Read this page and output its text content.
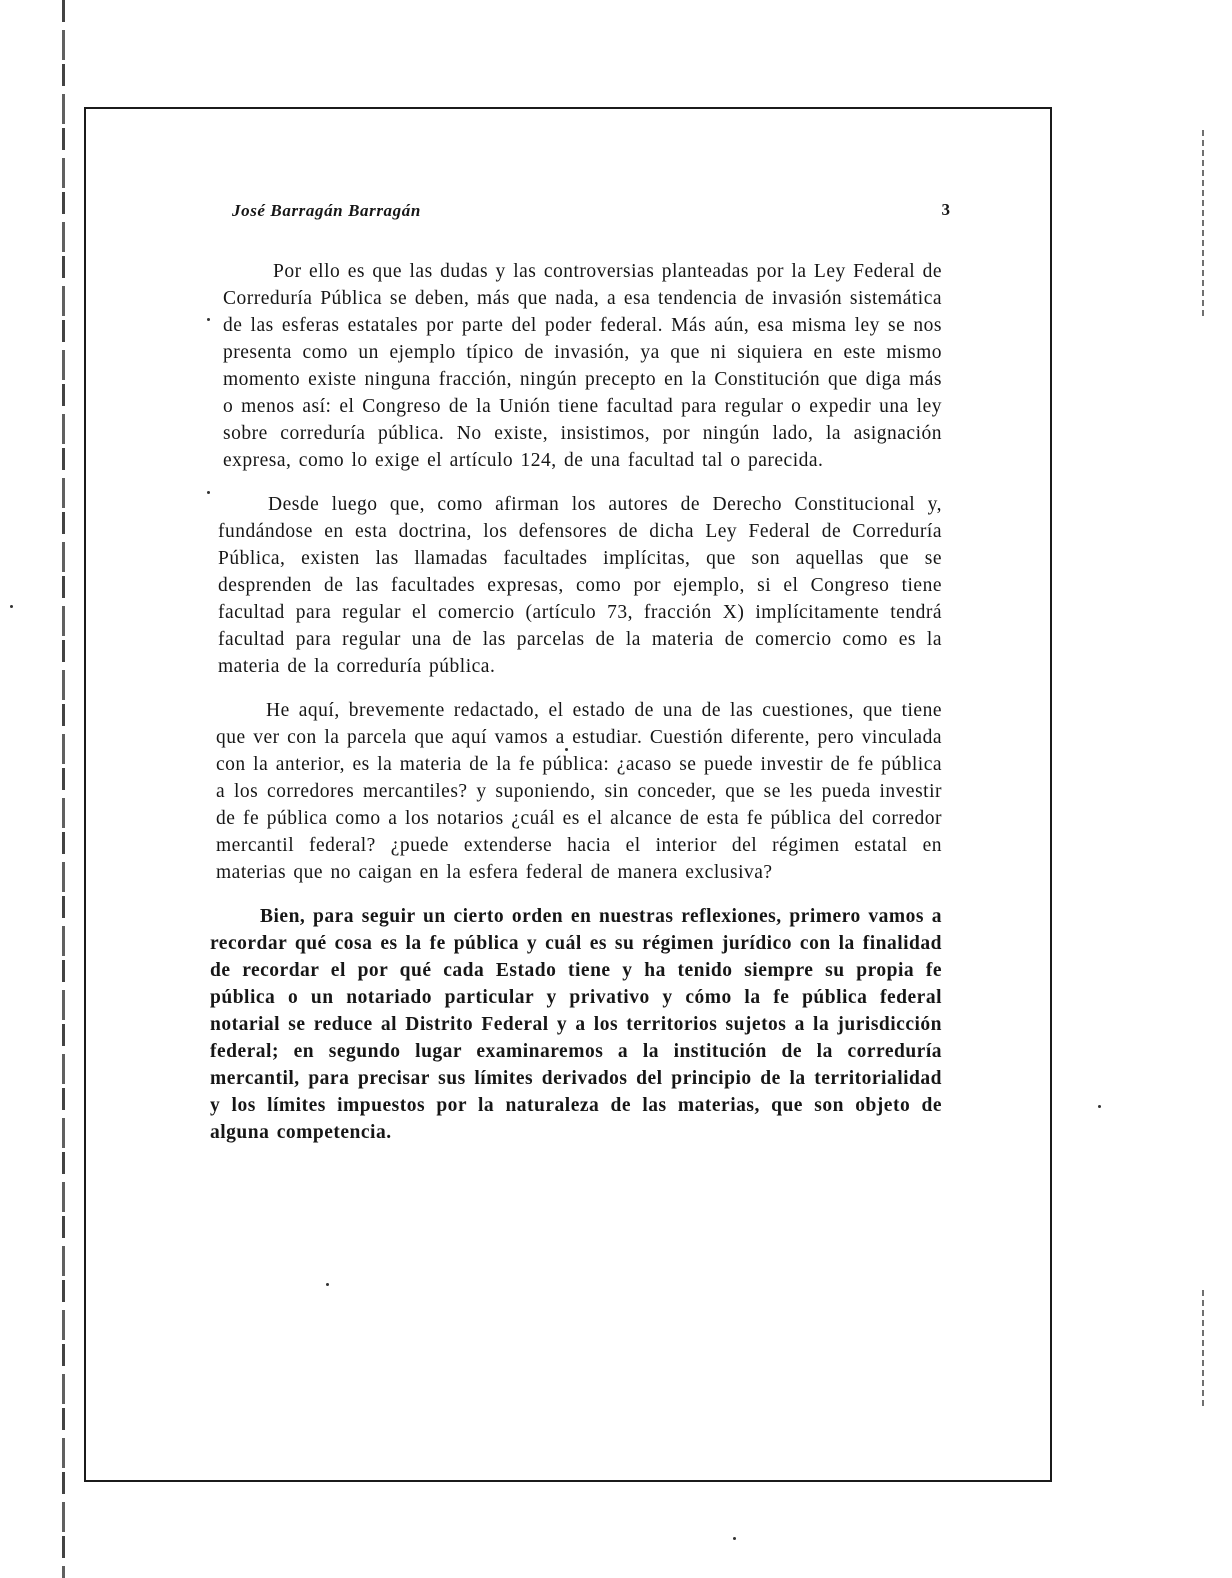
José Barragán Barragán	3

Por ello es que las dudas y las controversias planteadas por la Ley Federal de Correduría Pública se deben, más que nada, a esa tendencia de invasión sistemática de las esferas estatales por parte del poder federal. Más aún, esa misma ley se nos presenta como un ejemplo típico de invasión, ya que ni siquiera en este mismo momento existe ninguna fracción, ningún precepto en la Constitución que diga más o menos así: el Congreso de la Unión tiene facultad para regular o expedir una ley sobre correduría pública. No existe, insistimos, por ningún lado, la asignación expresa, como lo exige el artículo 124, de una facultad tal o parecida.

Desde luego que, como afirman los autores de Derecho Constitucional y, fundándose en esta doctrina, los defensores de dicha Ley Federal de Correduría Pública, existen las llamadas facultades implícitas, que son aquellas que se desprenden de las facultades expresas, como por ejemplo, si el Congreso tiene facultad para regular el comercio (artículo 73, fracción X) implícitamente tendrá facultad para regular una de las parcelas de la materia de comercio como es la materia de la correduría pública.

He aquí, brevemente redactado, el estado de una de las cuestiones, que tiene que ver con la parcela que aquí vamos a estudiar. Cuestión diferente, pero vinculada con la anterior, es la materia de la fe pública: ¿acaso se puede investir de fe pública a los corredores mercantiles? y suponiendo, sin conceder, que se les pueda investir de fe pública como a los notarios ¿cuál es el alcance de esta fe pública del corredor mercantil federal? ¿puede extenderse hacia el interior del régimen estatal en materias que no caigan en la esfera federal de manera exclusiva?

Bien, para seguir un cierto orden en nuestras reflexiones, primero vamos a recordar qué cosa es la fe pública y cuál es su régimen jurídico con la finalidad de recordar el por qué cada Estado tiene y ha tenido siempre su propia fe pública o un notariado particular y privativo y cómo la fe pública federal notarial se reduce al Distrito Federal y a los territorios sujetos a la jurisdicción federal; en segundo lugar examinaremos a la institución de la correduría mercantil, para precisar sus límites derivados del principio de la territorialidad y los límites impuestos por la naturaleza de las materias, que son objeto de alguna competencia.
